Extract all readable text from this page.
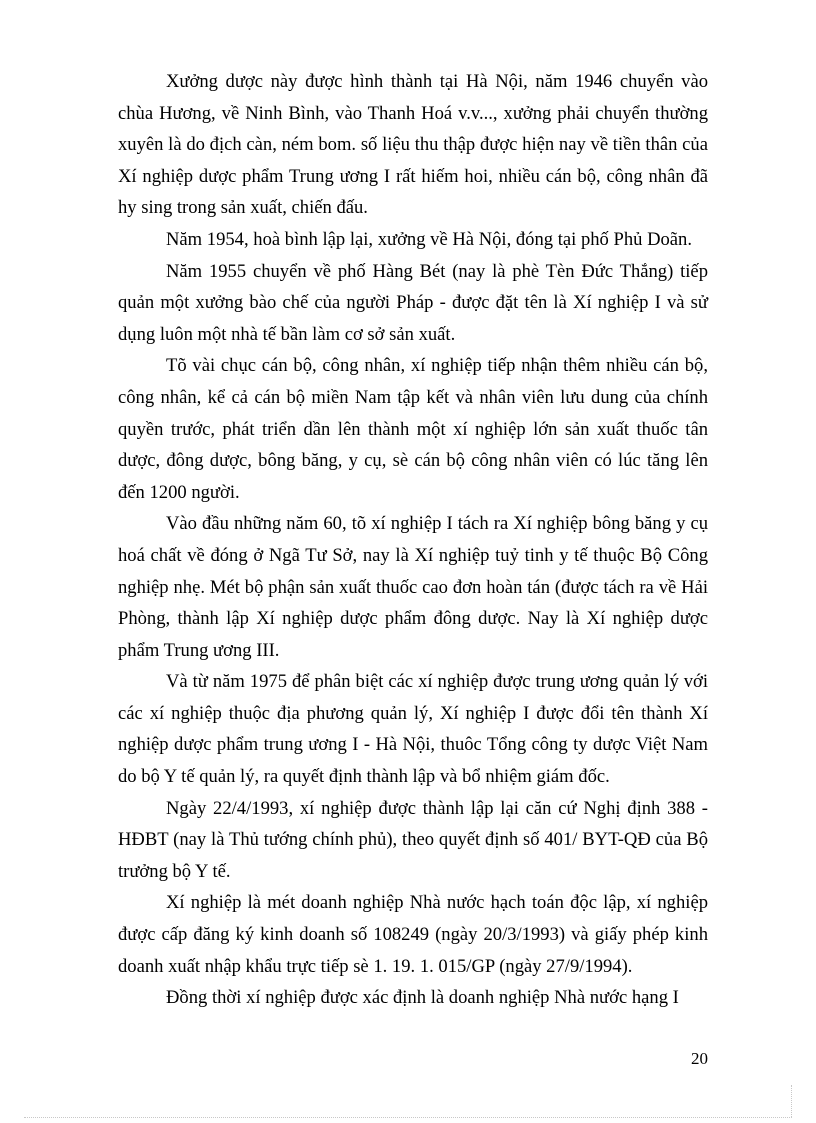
Xưởng dược này được hình thành tại Hà Nội, năm 1946 chuyển vào chùa Hương, về Ninh Bình, vào Thanh Hoá v.v..., xưởng phải chuyển thường xuyên là do địch càn, ném bom. số liệu thu thập được hiện nay về tiền thân của Xí nghiệp dược phẩm Trung ương I rất hiếm hoi, nhiều cán bộ, công nhân đã hy sing trong sản xuất, chiến đấu.

Năm 1954, hoà bình lập lại, xưởng về Hà Nội, đóng tại phố Phủ Doãn.

Năm 1955 chuyển về phố Hàng Bét (nay là phè Tèn Đức Thắng) tiếp quản một xưởng bào chế của người Pháp - được đặt tên là Xí nghiệp I và sử dụng luôn một nhà tế bần làm cơ sở sản xuất.

Tõ vài chục cán bộ, công nhân, xí nghiệp tiếp nhận thêm nhiều cán bộ, công nhân, kể cả cán bộ miền Nam tập kết và nhân viên lưu dung của chính quyền trước, phát triển dần lên thành một xí nghiệp lớn sản xuất thuốc tân dược, đông dược, bông băng, y cụ, sè cán bộ công nhân viên có lúc tăng lên đến 1200 người.

Vào đầu những năm 60, tõ xí nghiệp I tách ra Xí nghiệp bông băng y cụ hoá chất về đóng ở Ngã Tư Sở, nay là Xí nghiệp tuỷ tinh y tế thuộc Bộ Công nghiệp nhẹ. Mét bộ phận sản xuất thuốc cao đơn hoàn tán (được tách ra về Hải Phòng, thành lập Xí nghiệp dược phẩm đông dược. Nay là Xí nghiệp dược phẩm Trung ương III.

Và từ năm 1975 để phân biệt các xí nghiệp được trung ương quản lý với các xí nghiệp thuộc địa phương quản lý, Xí nghiệp I được đổi tên thành Xí nghiệp dược phẩm trung ương I - Hà Nội, thuôc Tổng công ty dược Việt Nam do bộ Y tế quản lý, ra quyết định thành lập và bổ nhiệm giám đốc.

Ngày 22/4/1993, xí nghiệp được thành lập lại căn cứ Nghị định 388 - HĐBT (nay là Thủ tướng chính phủ), theo quyết định số 401/ BYT-QĐ của Bộ trưởng bộ Y tế.

Xí nghiệp là mét doanh nghiệp Nhà nước hạch toán độc lập, xí nghiệp được cấp đăng ký kinh doanh số 108249 (ngày 20/3/1993) và giấy phép kinh doanh xuất nhập khẩu trực tiếp sè 1. 19. 1. 015/GP (ngày 27/9/1994).

Đồng thời xí nghiệp được xác định là doanh nghiệp Nhà nước hạng I

20
